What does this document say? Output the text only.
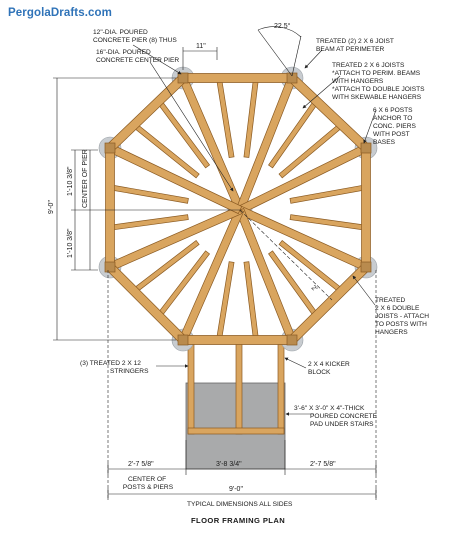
PergolaDrafts.com
12"-DIA. POURED CONCRETE PIER (8) THUS
16"-DIA. POURED CONCRETE CENTER PIER
TREATED (2) 2 X 6 JOIST BEAM AT PERIMETER
TREATED 2 X 6 JOISTS *ATTACH TO PERIM. BEAMS WITH HANGERS *ATTACH TO DOUBLE JOISTS WITH SKEWABLE HANGERS
6 X 6 POSTS ANCHOR TO CONC. PIERS WITH POST BASES
TREATED 2 X 6 DOUBLE JOISTS - ATTACH TO POSTS WITH HANGERS
(3) TREATED 2 X 12 STRINGERS
2 X 4 KICKER BLOCK
3'-6" X 3'-0" X 4"-THICK POURED CONCRETE PAD UNDER STAIRS
CENTER OF POSTS & PIERS
11"
22.5°
9'-0"
1'-10 3/8"
1'-10 3/8"
CENTER OF PIER
2'
2'-7 5/8"	3'-8 3/4"	2'-7 5/8"
9'-0"
TYPICAL DIMENSIONS ALL SIDES
FLOOR FRAMING PLAN
